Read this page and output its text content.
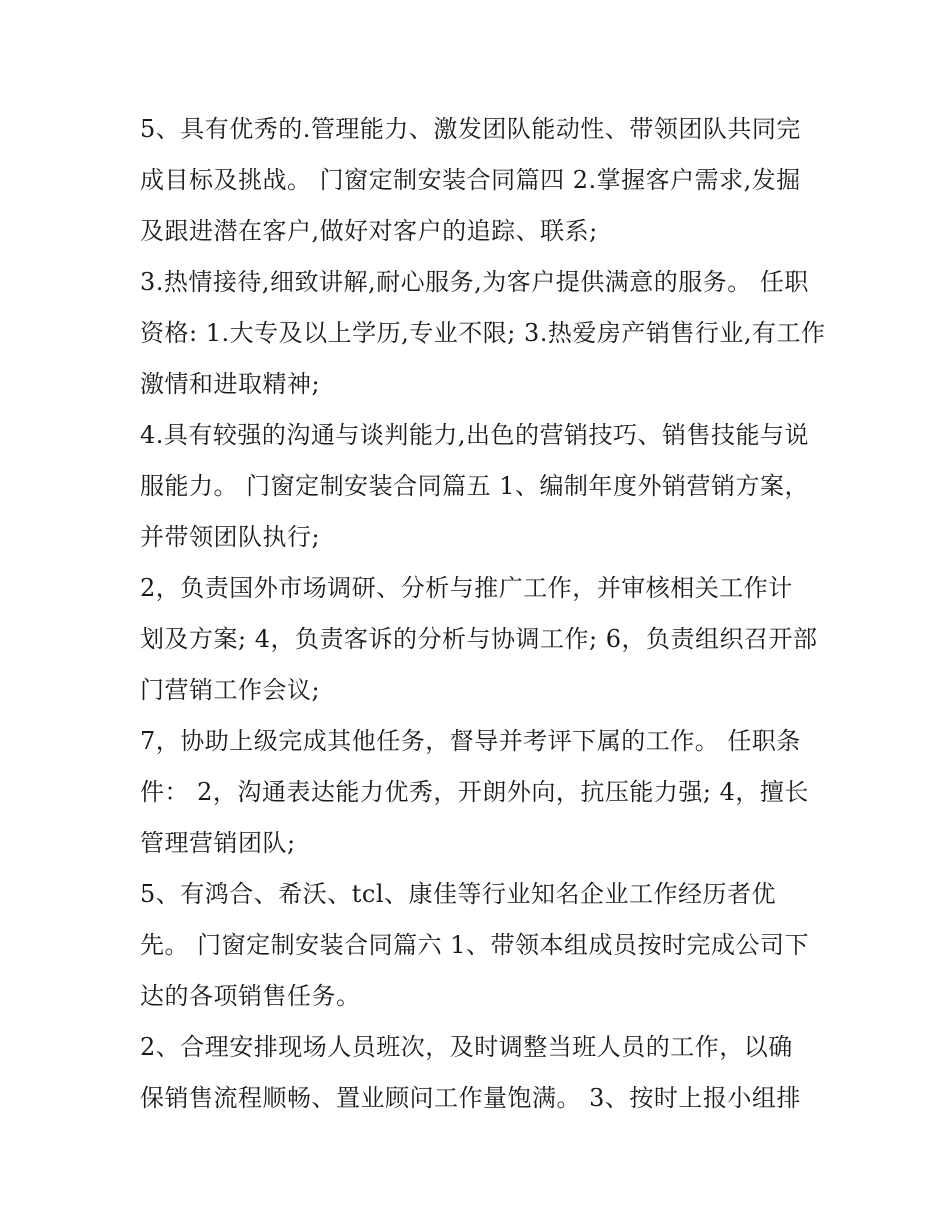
5、具有优秀的.管理能力、激发团队能动性、带领团队共同完
成目标及挑战。 门窗定制安装合同篇四 2.掌握客户需求,发掘
及跟进潜在客户,做好对客户的追踪、联系;
3.热情接待,细致讲解,耐心服务,为客户提供满意的服务。 任职
资格: 1.大专及以上学历,专业不限; 3.热爱房产销售行业,有工作
激情和进取精神;
4.具有较强的沟通与谈判能力,出色的营销技巧、销售技能与说
服能力。 门窗定制安装合同篇五 1、编制年度外销营销方案，
并带领团队执行;
2，负责国外市场调研、分析与推广工作，并审核相关工作计
划及方案; 4，负责客诉的分析与协调工作; 6，负责组织召开部
门营销工作会议;
7，协助上级完成其他任务，督导并考评下属的工作。 任职条
件： 2，沟通表达能力优秀，开朗外向，抗压能力强; 4，擅长
管理营销团队;
5、有鸿合、希沃、tcl、康佳等行业知名企业工作经历者优
先。 门窗定制安装合同篇六 1、带领本组成员按时完成公司下
达的各项销售任务。
2、合理安排现场人员班次，及时调整当班人员的工作，以确
保销售流程顺畅、置业顾问工作量饱满。 3、按时上报小组排
